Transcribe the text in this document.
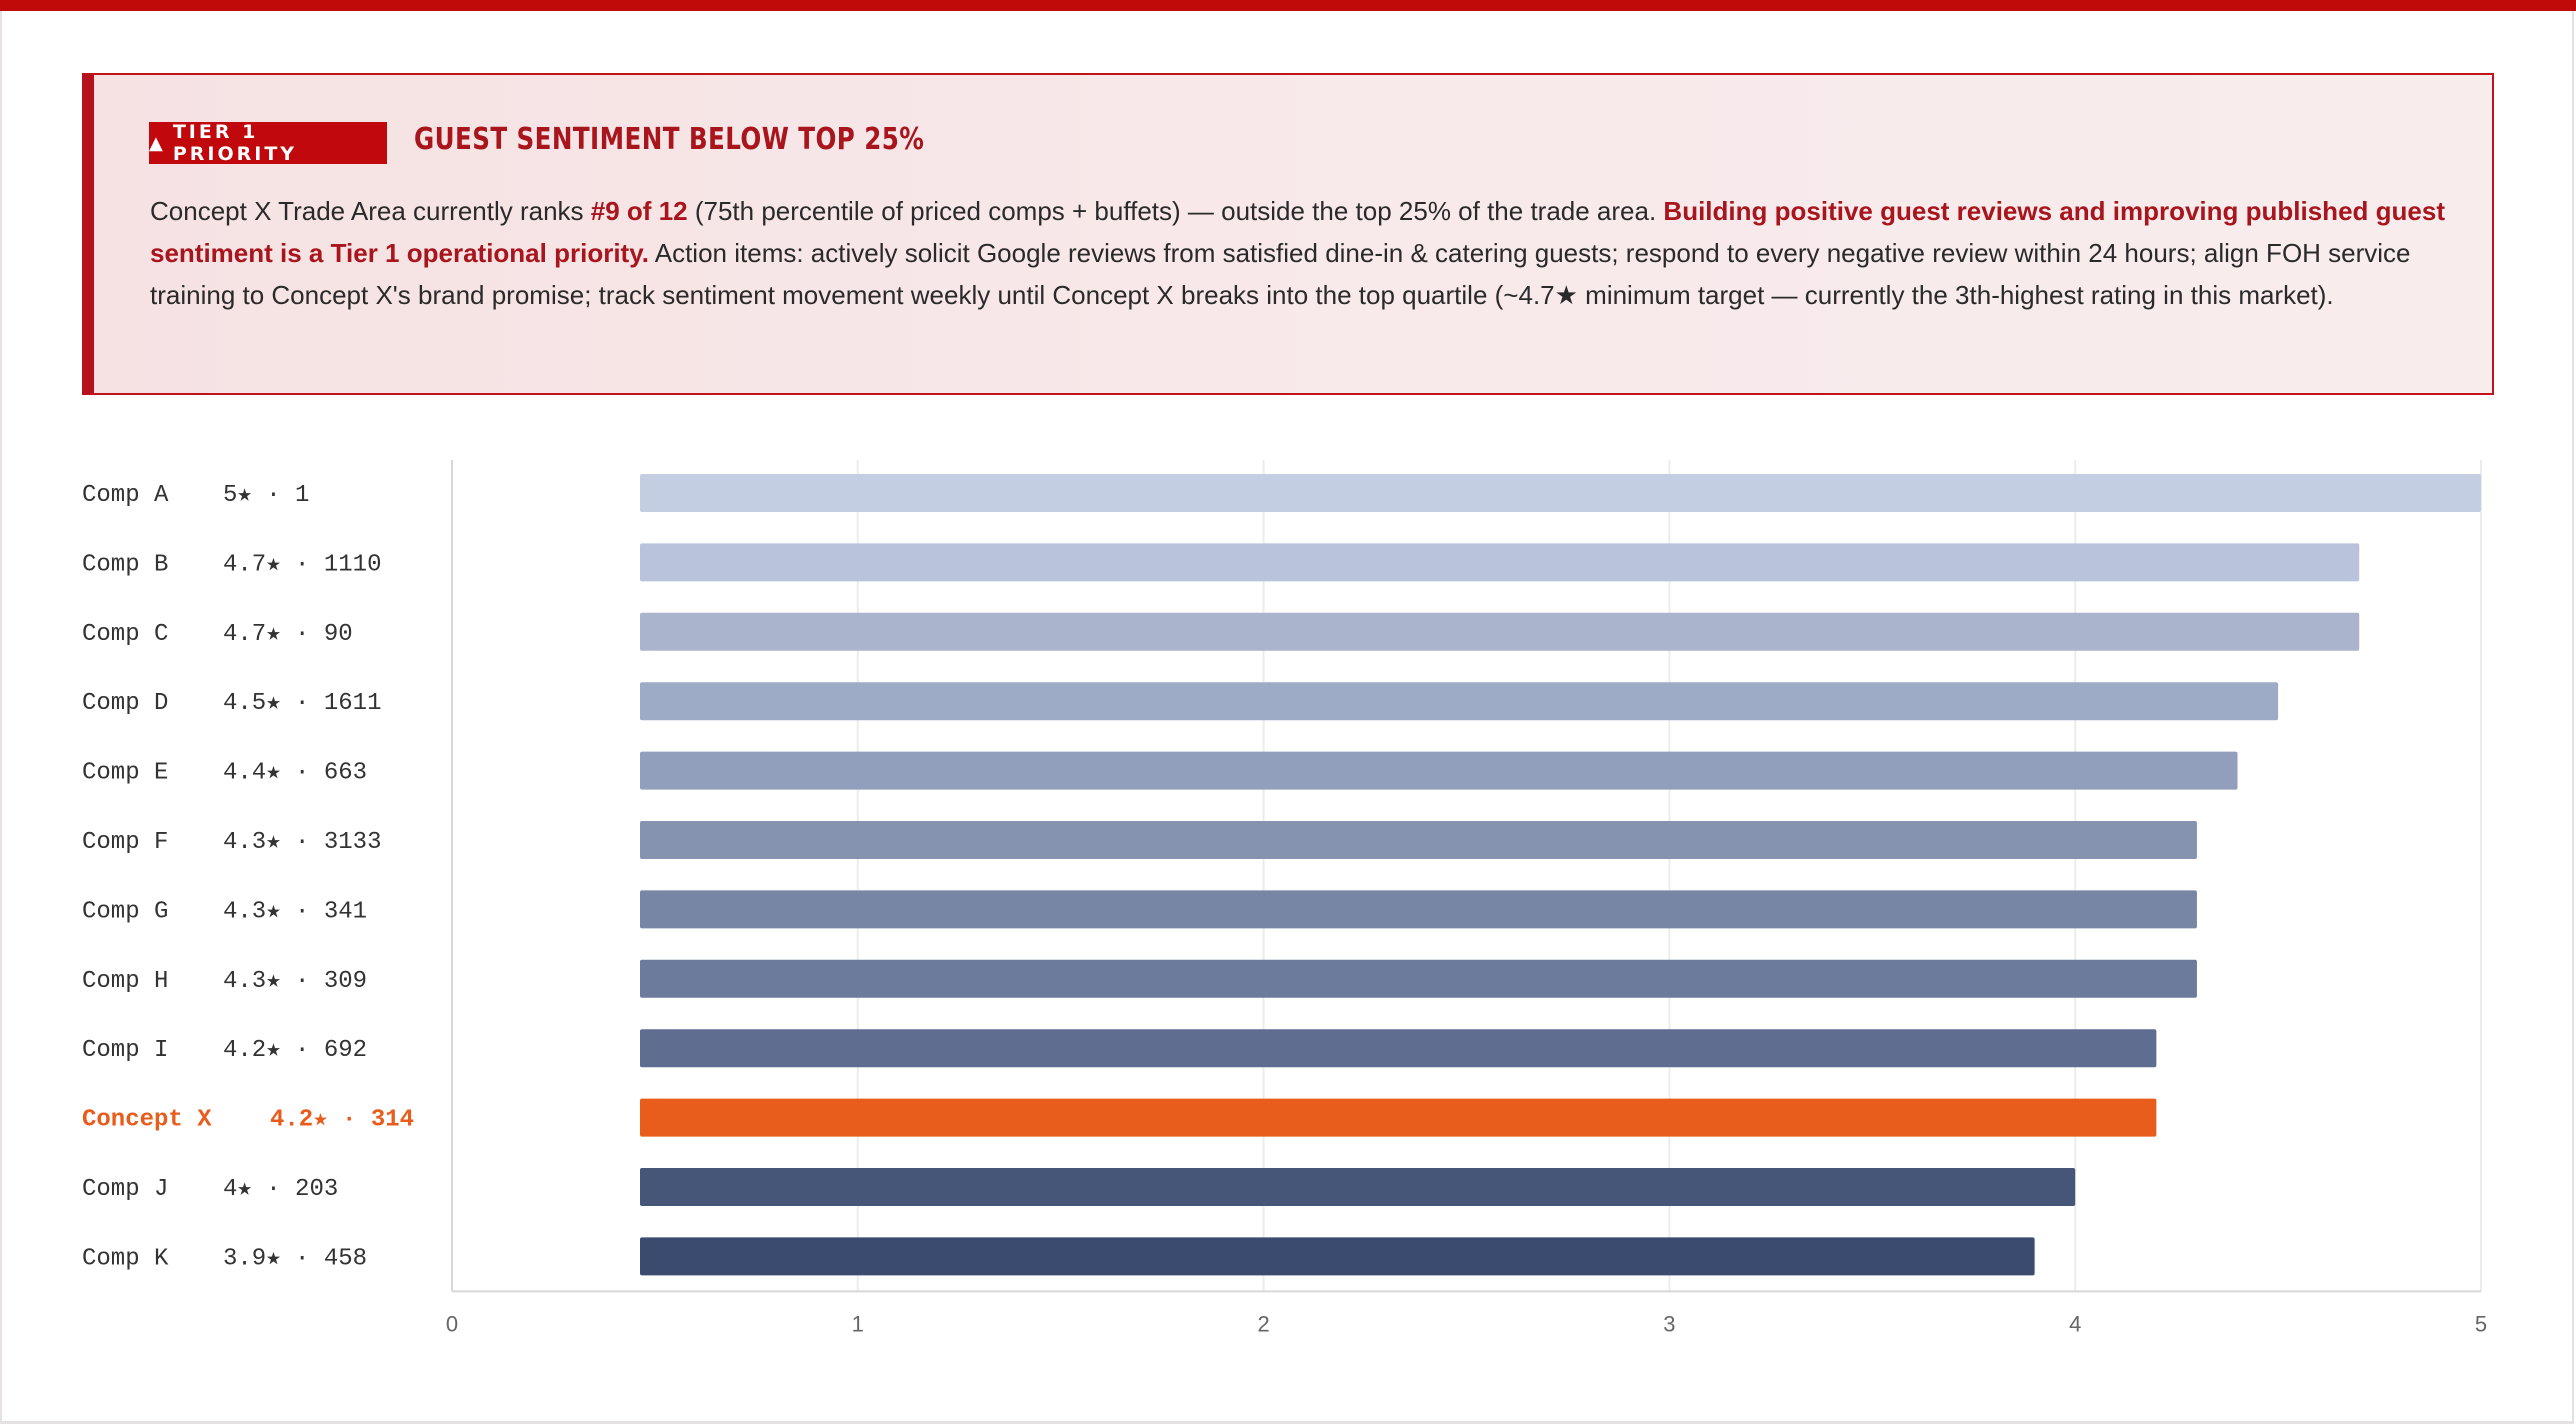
▲ TIER 1 PRIORITY	GUEST SENTIMENT BELOW TOP 25%
Concept X Trade Area currently ranks #9 of 12 (75th percentile of priced comps + buffets) — outside the top 25% of the trade area. Building positive guest reviews and improving published guest sentiment is a Tier 1 operational priority. Action items: actively solicit Google reviews from satisfied dine-in & catering guests; respond to every negative review within 24 hours; align FOH service training to Concept X's brand promise; track sentiment movement weekly until Concept X breaks into the top quartile (~4.7★ minimum target — currently the 3th-highest rating in this market).
0	1	2	3	4	5
Comp A 5★ · 1
Comp B 4.7★ · 1110
Comp C 4.7★ · 90
Comp D 4.5★ · 1611
Comp E 4.4★ · 663
Comp F 4.3★ · 3133
Comp G 4.3★ · 341
Comp H 4.3★ · 309
Comp I 4.2★ · 692
Concept X 4.2★ · 314
Comp J 4★ · 203
Comp K 3.9★ · 458
